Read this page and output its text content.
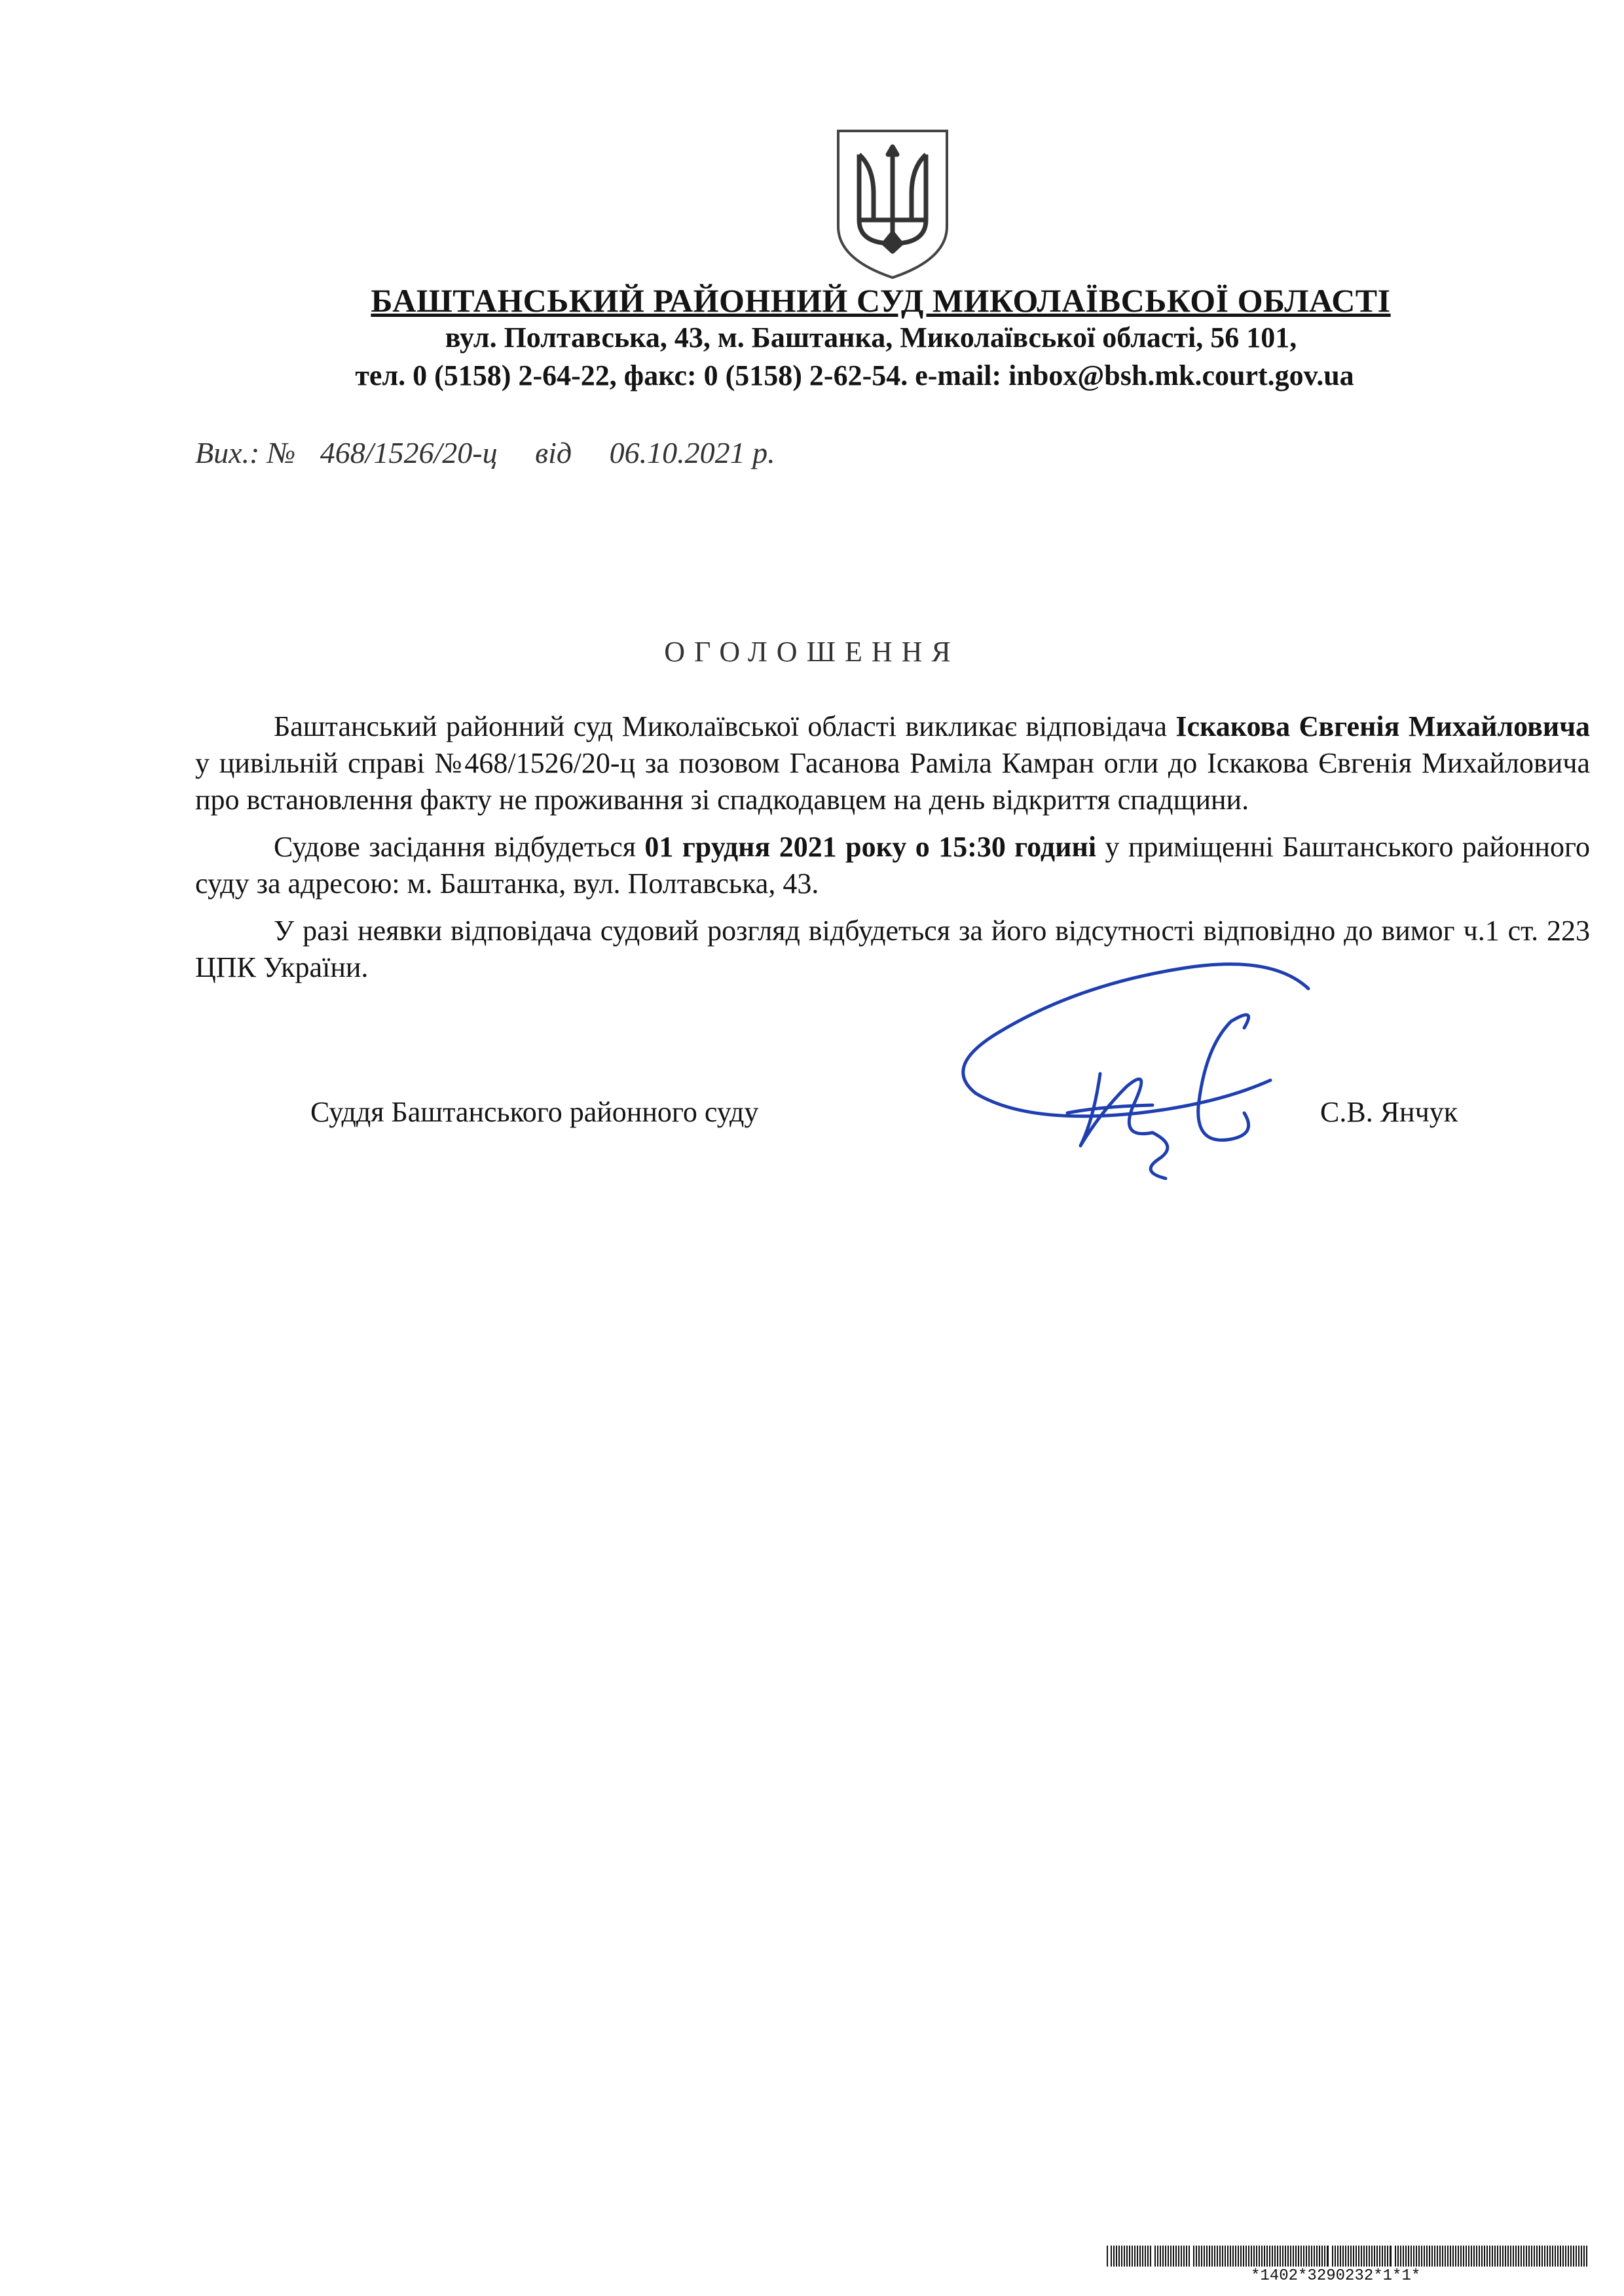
БАШТАНСЬКИЙ РАЙОННИЙ СУД МИКОЛАЇВСЬКОЇ ОБЛАСТІ
вул. Полтавська, 43, м. Баштанка, Миколаївської області, 56 101,
тел. 0 (5158) 2-64-22, факс: 0 (5158) 2-62-54. e-mail: inbox@bsh.mk.court.gov.ua
Вих.: № 468/1526/20-ц від 06.10.2021 р.
ОГОЛОШЕННЯ

Баштанський районний суд Миколаївської області викликає відповідача Іскакова Євгенія Михайловича у цивільній справі №468/1526/20-ц за позовом Гасанова Раміла Камран огли до Іскакова Євгенія Михайловича про встановлення факту не проживання зі спадкодавцем на день відкриття спадщини.

Судове засідання відбудеться 01 грудня 2021 року о 15:30 годині у приміщенні Баштанського районного суду за адресою: м. Баштанка, вул. Полтавська, 43.

У разі неявки відповідача судовий розгляд відбудеться за його відсутності відповідно до вимог ч.1 ст. 223 ЦПК України.

Суддя Баштанського районного суду	С.В. Янчук
*1402*3290232*1*1*
